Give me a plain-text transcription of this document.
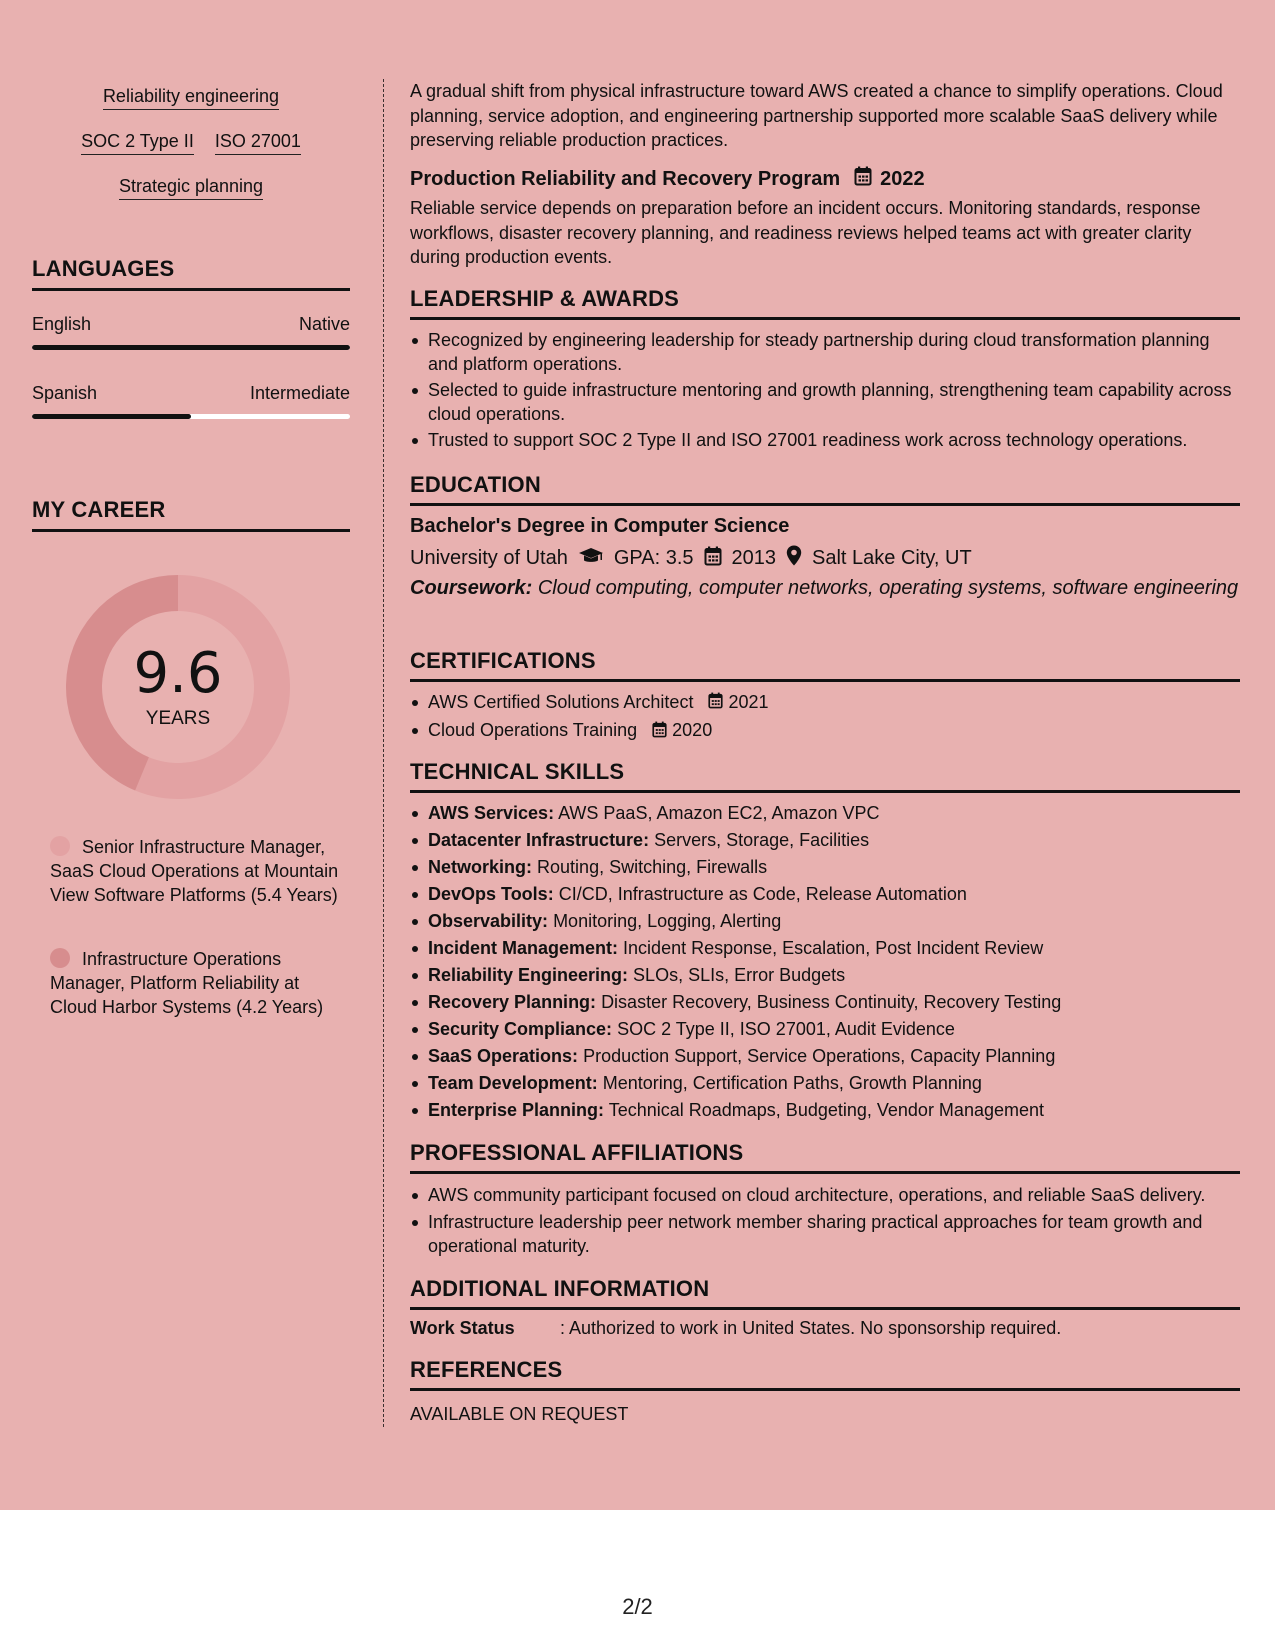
Reliability engineering
SOC 2 Type II ISO 27001
Strategic planning
LANGUAGES
English	Native
Spanish	Intermediate
MY CAREER
9.6
YEARS
Senior Infrastructure Manager, SaaS Cloud Operations at Mountain View Software Platforms (5.4 Years)
Infrastructure Operations Manager, Platform Reliability at Cloud Harbor Systems (4.2 Years)
A gradual shift from physical infrastructure toward AWS created a chance to simplify operations. Cloud planning, service adoption, and engineering partnership supported more scalable SaaS delivery while preserving reliable production practices.
Production Reliability and Recovery Program 2022
Reliable service depends on preparation before an incident occurs. Monitoring standards, response workflows, disaster recovery planning, and readiness reviews helped teams act with greater clarity during production events.
LEADERSHIP & AWARDS
Recognized by engineering leadership for steady partnership during cloud transformation planning and platform operations.
Selected to guide infrastructure mentoring and growth planning, strengthening team capability across cloud operations.
Trusted to support SOC 2 Type II and ISO 27001 readiness work across technology operations.
EDUCATION
Bachelor's Degree in Computer Science
University of Utah GPA: 3.5 2013 Salt Lake City, UT
Coursework: Cloud computing, computer networks, operating systems, software engineering
CERTIFICATIONS
AWS Certified Solutions Architect 2021
Cloud Operations Training 2020
TECHNICAL SKILLS
AWS Services: AWS PaaS, Amazon EC2, Amazon VPC
Datacenter Infrastructure: Servers, Storage, Facilities
Networking: Routing, Switching, Firewalls
DevOps Tools: CI/CD, Infrastructure as Code, Release Automation
Observability: Monitoring, Logging, Alerting
Incident Management: Incident Response, Escalation, Post Incident Review
Reliability Engineering: SLOs, SLIs, Error Budgets
Recovery Planning: Disaster Recovery, Business Continuity, Recovery Testing
Security Compliance: SOC 2 Type II, ISO 27001, Audit Evidence
SaaS Operations: Production Support, Service Operations, Capacity Planning
Team Development: Mentoring, Certification Paths, Growth Planning
Enterprise Planning: Technical Roadmaps, Budgeting, Vendor Management
PROFESSIONAL AFFILIATIONS
AWS community participant focused on cloud architecture, operations, and reliable SaaS delivery.
Infrastructure leadership peer network member sharing practical approaches for team growth and operational maturity.
ADDITIONAL INFORMATION
Work Status	: Authorized to work in United States. No sponsorship required.
REFERENCES
AVAILABLE ON REQUEST
2/2
